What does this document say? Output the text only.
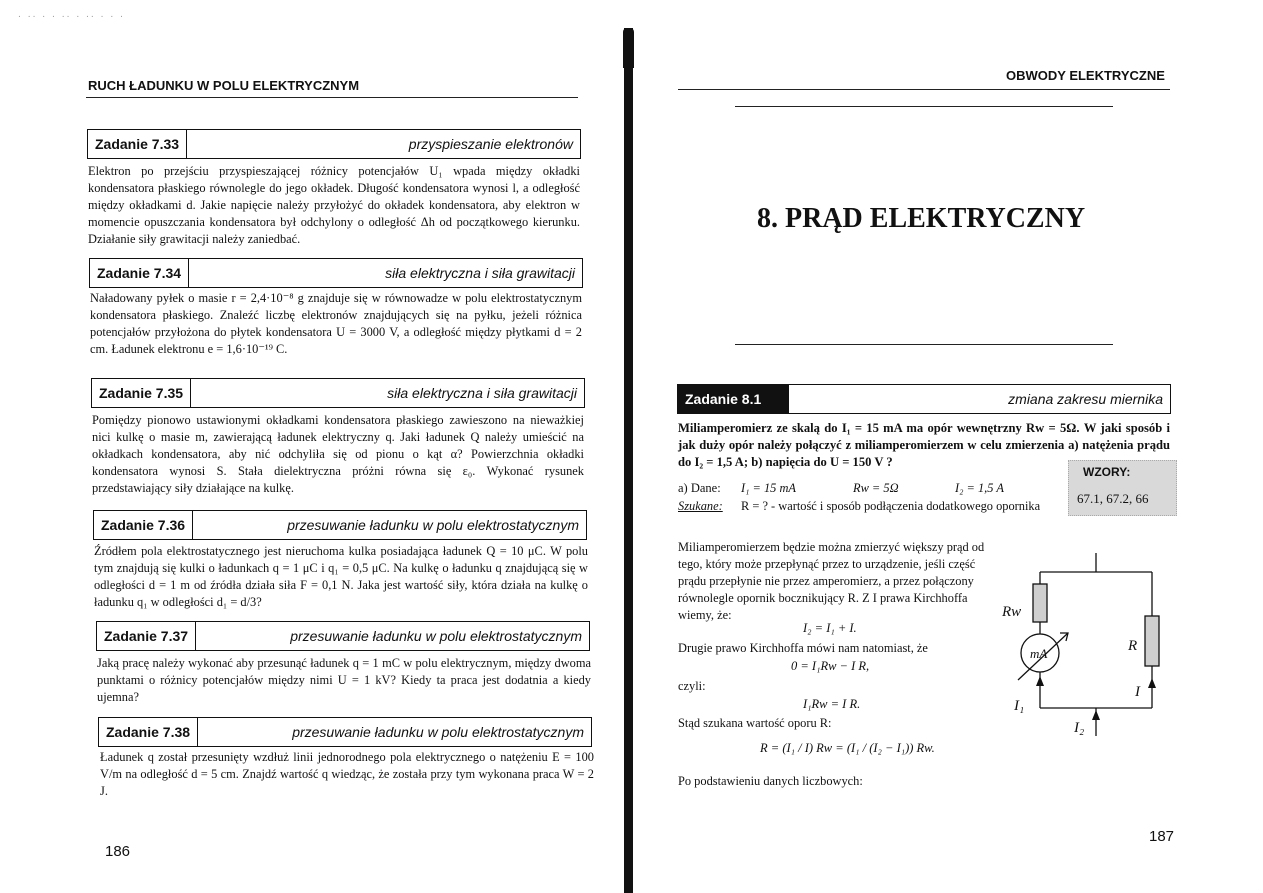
. .. . . .. . .. . . .
RUCH ŁADUNKU W POLU ELEKTRYCZNYM
Zadanie 7.33	przyspieszanie elektronów
Elektron po przejściu przyspieszającej różnicy potencjałów U₁ wpada między okładki kondensatora płaskiego równolegle do jego okładek. Długość kondensatora wynosi l, a odległość między okładkami d. Jakie napięcie należy przyłożyć do okładek kondensatora, aby elektron w momencie opuszczania kondensatora był odchylony o odległość Δh od początkowego kierunku. Działanie siły grawitacji należy zaniedbać.
Zadanie 7.34	siła elektryczna i siła grawitacji
Naładowany pyłek o masie r = 2,4·10⁻⁸ g znajduje się w równowadze w polu elektrostatycznym kondensatora płaskiego. Znaleźć liczbę elektronów znajdujących się na pyłku, jeżeli różnica potencjałów przyłożona do płytek kondensatora U = 3000 V, a odległość między płytkami d = 2 cm. Ładunek elektronu e = 1,6·10⁻¹⁹ C.
Zadanie 7.35	siła elektryczna i siła grawitacji
Pomiędzy pionowo ustawionymi okładkami kondensatora płaskiego zawieszono na nieważkiej nici kulkę o masie m, zawierającą ładunek elektryczny q. Jaki ładunek Q należy umieścić na okładkach kondensatora, aby nić odchyliła się od pionu o kąt α? Powierzchnia okładki kondensatora wynosi S. Stała dielektryczna próżni równa się ε₀. Wykonać rysunek przedstawiający siły działające na kulkę.
Zadanie 7.36	przesuwanie ładunku w polu elektrostatycznym
Źródłem pola elektrostatycznego jest nieruchoma kulka posiadająca ładunek Q = 10 μC. W polu tym znajdują się kulki o ładunkach q = 1 μC i q₁ = 0,5 μC. Na kulkę o ładunku q znajdującą się w odległości d = 1 m od źródła działa siła F = 0,1 N. Jaka jest wartość siły, która działa na kulkę o ładunku q₁ w odległości d₁ = d/3?
Zadanie 7.37	przesuwanie ładunku w polu elektrostatycznym
Jaką pracę należy wykonać aby przesunąć ładunek q = 1 mC w polu elektrycznym, między dwoma punktami o różnicy potencjałów między nimi U = 1 kV? Kiedy ta praca jest dodatnia a kiedy ujemna?
Zadanie 7.38	przesuwanie ładunku w polu elektrostatycznym
Ładunek q został przesunięty wzdłuż linii jednorodnego pola elektrycznego o natężeniu E = 100 V/m na odległość d = 5 cm. Znajdź wartość q wiedząc, że została przy tym wykonana praca W = 2 J.
186
OBWODY ELEKTRYCZNE
8. PRĄD ELEKTRYCZNY
Zadanie 8.1	zmiana zakresu miernika
Miliamperomierz ze skalą do I₁ = 15 mA ma opór wewnętrzny Rw = 5Ω. W jaki sposób i jak duży opór należy połączyć z miliamperomierzem w celu zmierzenia a) natężenia prądu do I₂ = 1,5 A; b) napięcia do U = 150 V ?
WZORY:
67.1, 67.2, 66
a) Dane: I₁ = 15 mA	Rw = 5Ω	I₂ = 1,5 A
Szukane: R = ? - wartość i sposób podłączenia dodatkowego opornika
Miliamperomierzem będzie można zmierzyć większy prąd od tego, który może przepłynąć przez to urządzenie, jeśli część prądu przepłynie nie przez amperomierz, a przez połączony równolegle opornik bocznikujący R. Z I prawa Kirchhoffa wiemy, że:
I₂ = I₁ + I.
Drugie prawo Kirchhoffa mówi nam natomiast, że
0 = I₁Rw − I R,
czyli:
I₁Rw = I R.
Stąd szukana wartość oporu R:
R = (I₁ / I) Rw = (I₁ / (I₂ − I₁)) Rw.
Po podstawieniu danych liczbowych:
Rw
mA	R
I₁
I
I₂
187
